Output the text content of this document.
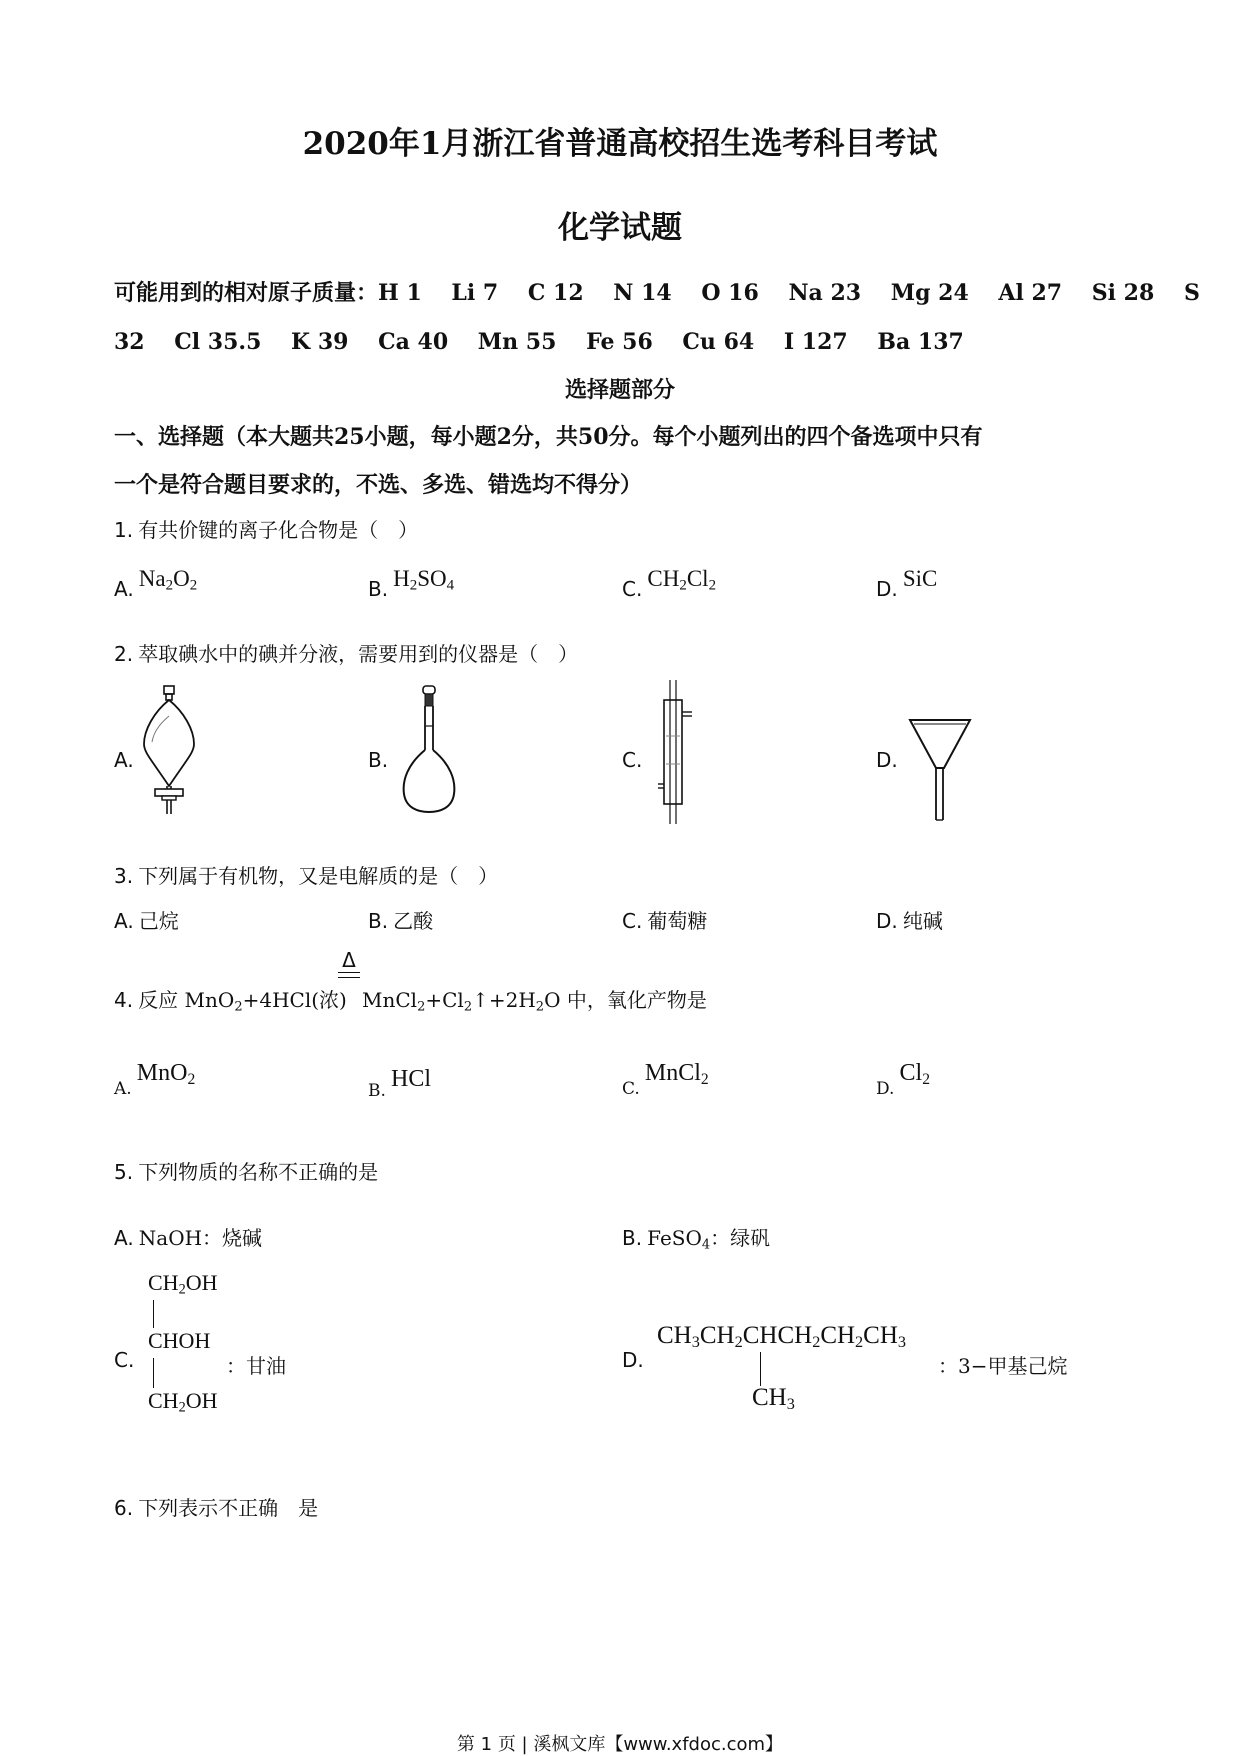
2020年1月浙江省普通高校招生选考科目考试
化学试题
可能用到的相对原子质量：H 1　 Li 7　 C 12　 N 14　 O 16　 Na 23　 Mg 24　 Al 27　 Si 28　 S
32　 Cl 35.5　 K 39　 Ca 40　 Mn 55　 Fe 56　 Cu 64　 I 127　 Ba 137
选择题部分
一、选择题（本大题共25小题，每小题2分，共50分。每个小题列出的四个备选项中只有
一个是符合题目要求的，不选、多选、错选均不得分）
1. 有共价键的离子化合物是（　）
A. $Na_2O_2$	B. $H_2SO_4$	C. $CH_2Cl_2$	D. SiC
2. 萃取碘水中的碘并分液，需要用到的仪器是（　）
A.	B.	C.	D.
3. 下列属于有机物，又是电解质的是（　）
A. 己烷	B. 乙酸	C. 葡萄糖	D. 纯碱
4. 反应 MnO$_2$+4HCl(浓)
Δ
$MnCl_2+Cl_2↑+2H_2O$ 中，氧化产物是
A. MnO$_2$
B. HCl	C. MnCl$_2$	D. $Cl_2$
5. 下列物质的名称不正确的是
A. NaOH：烧碱	B. FeSO$_4$：绿矾
C.
$CH_2OH$
CHOH
：甘油
$CH_2OH$
D.
$CH_3CH_2CHCH_2CH_2CH_3$
$CH_3$
：3−甲基己烷
6. 下列表示不正确　是
第 1 页 | 溪枫文库【www.xfdoc.com】
